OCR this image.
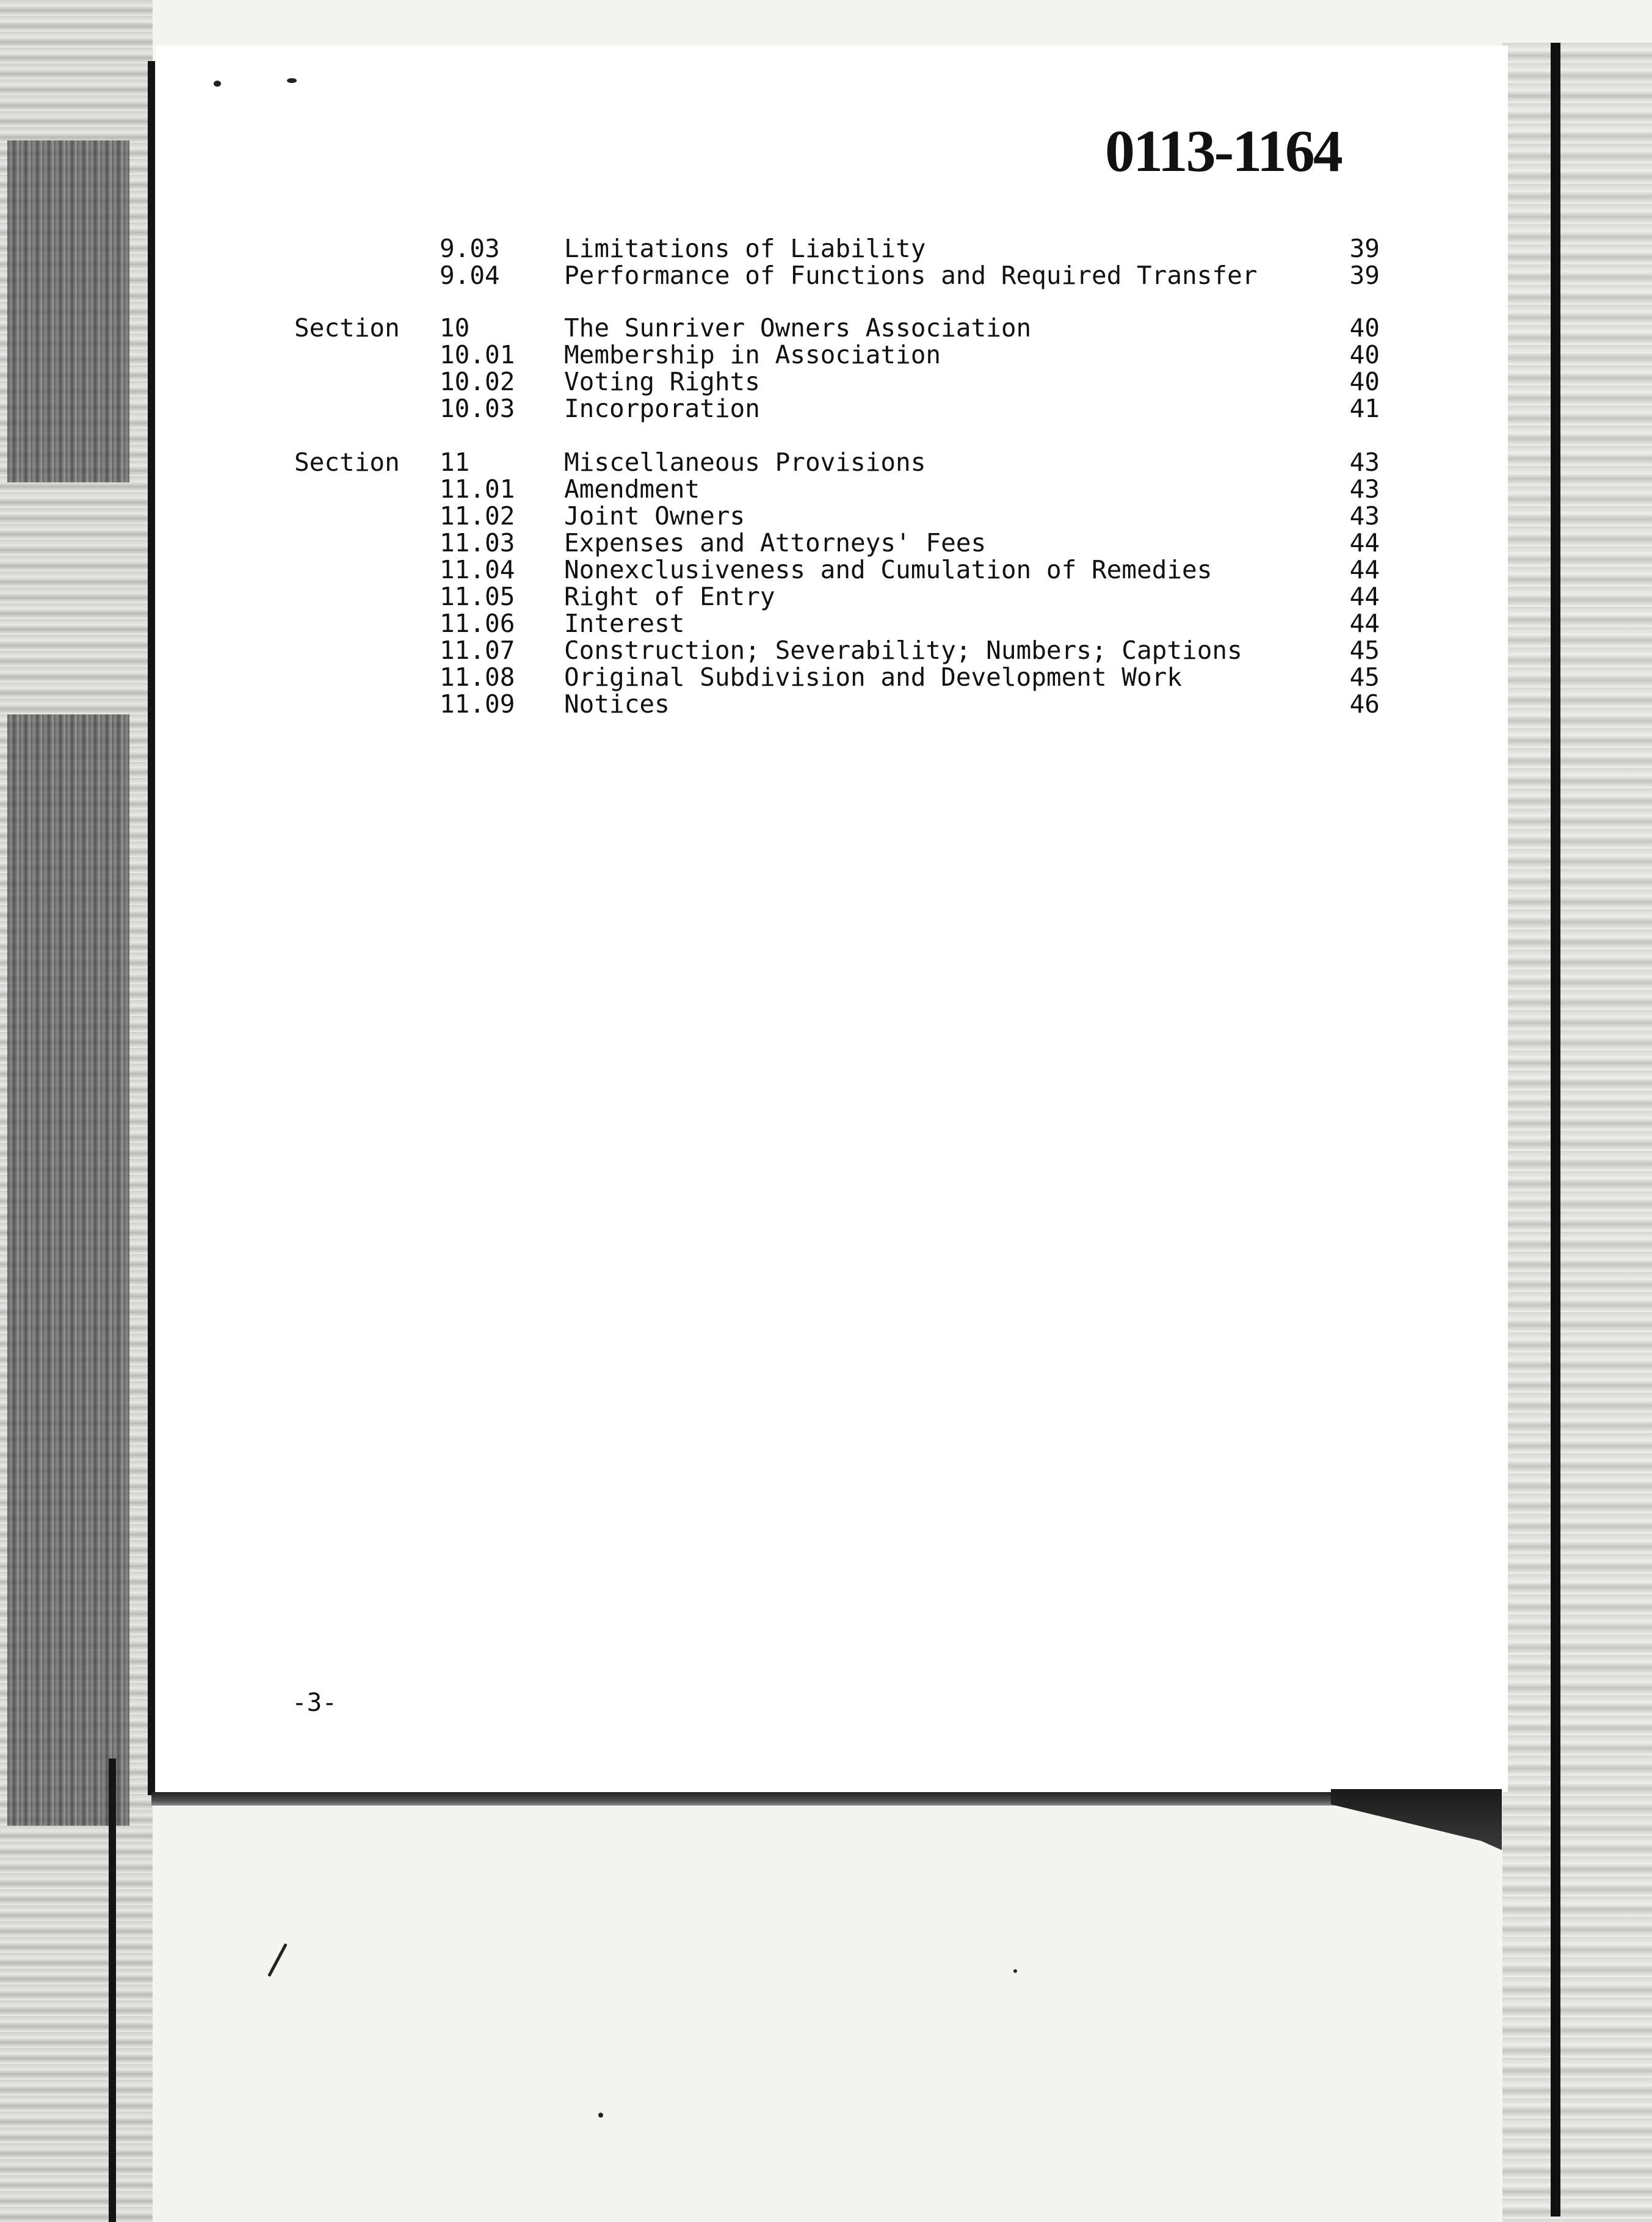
0113-1164
9.03	Limitations of Liability	39
9.04	Performance of Functions and Required Transfer	39
Section 10	The Sunriver Owners Association	40
10.01 Membership in Association	40
10.02 Voting Rights	40
10.03 Incorporation	41
Section 11	Miscellaneous Provisions	43
11.01 Amendment	43
11.02 Joint Owners	43
11.03 Expenses and Attorneys' Fees	44
11.04 Nonexclusiveness and Cumulation of Remedies	44
11.05 Right of Entry	44
11.06 Interest	44
11.07 Construction; Severability; Numbers; Captions	45
11.08 Original Subdivision and Development Work	45
11.09 Notices	46
-3-
